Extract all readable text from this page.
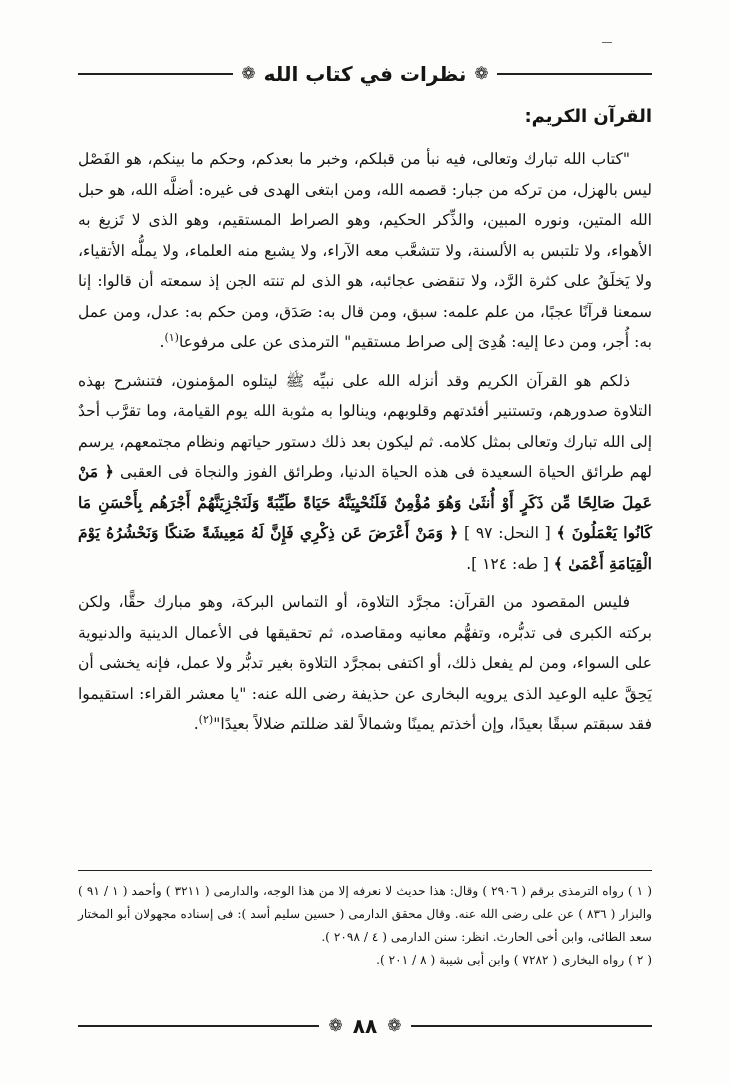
❁
نظرات في كتاب الله
❁
القرآن الكريم:

"كتاب الله تبارك وتعالى، فيه نبأ من قبلكم، وخبر ما بعدكم، وحكم ما بينكم، هو الفَصْل ليس بالهزل، من تركه من جبار: قصمه الله، ومن ابتغى الهدى فى غيره: أضلَّه الله، هو حبل الله المتين، ونوره المبين، والذِّكر الحكيم، وهو الصراط المستقيم، وهو الذى لا تَزيغ به الأهواء، ولا تلتبس به الألسنة، ولا تتشعَّب معه الآراء، ولا يشبع منه العلماء، ولا يملُّه الأتقياء، ولا يَخلَقُ على كثرة الرَّد، ولا تنقضى عجائبه، هو الذى لم تنته الجن إذ سمعته أن قالوا: إنا سمعنا قرآنًا عجبًا، من علم علمه: سبق، ومن قال به: صَدَق، ومن حكم به: عدل، ومن عمل به: أُجر، ومن دعا إليه: هُدِىَ إلى صراط مستقيم" الترمذى عن على مرفوعا$^{(١)}$.

ذلكم هو القرآن الكريم وقد أنزله الله على نبيِّه ﷺ ليتلوه المؤمنون، فتنشرح بهذه التلاوة صدورهم، وتستنير أفئدتهم وقلوبهم، وينالوا به مثوبة الله يوم القيامة، وما تقرَّب أحدٌ إلى الله تبارك وتعالى بمثل كلامه. ثم ليكون بعد ذلك دستور حياتهم ونظام مجتمعهم، يرسم لهم طرائق الحياة السعيدة فى هذه الحياة الدنيا، وطرائق الفوز والنجاة فى العقبى ﴿ مَنْ عَمِلَ صَالِحًا مِّن ذَكَرٍ أَوْ أُنثَىٰ وَهُوَ مُؤْمِنٌ فَلَنُحْيِيَنَّهُ حَيَاةً طَيِّبَةً وَلَنَجْزِيَنَّهُمْ أَجْرَهُم بِأَحْسَنِ مَا كَانُوا يَعْمَلُونَ ﴾ [ النحل: ٩٧ ] ﴿ وَمَنْ أَعْرَضَ عَن ذِكْرِي فَإِنَّ لَهُ مَعِيشَةً ضَنكًا وَنَحْشُرُهُ يَوْمَ الْقِيَامَةِ أَعْمَىٰ ﴾ [ طه: ١٢٤ ].

فليس المقصود من القرآن: مجرَّد التلاوة، أو التماس البركة، وهو مبارك حقًّا، ولكن بركته الكبرى فى تدبُّره، وتفهُّم معانيه ومقاصده، ثم تحقيقها فى الأعمال الدينية والدنيوية على السواء، ومن لم يفعل ذلك، أو اكتفى بمجرَّد التلاوة بغير تدبُّر ولا عمل، فإنه يخشى أن يَحِقَّ عليه الوعيد الذى يرويه البخارى عن حذيفة رضى الله عنه: "يا معشر القراء: استقيموا فقد سبقتم سبقًا بعيدًا، وإن أخذتم يمينًا وشمالاً لقد ضللتم ضلالاً بعيدًا"$^{(٢)}$.

( ١ ) رواه الترمذى برقم ( ٢٩٠٦ ) وقال: هذا حديث لا نعرفه إلا من هذا الوجه، والدارمى ( ٣٢١١ ) وأحمد ( ١ / ٩١ ) والبزار ( ٨٣٦ ) عن على رضى الله عنه. وقال محقق الدارمى ( حسين سليم أسد ): فى إسناده مجهولان أبو المختار سعد الطائى، وابن أخى الحارث. انظر: سنن الدارمى ( ٤ / ٢٠٩٨ ).

( ٢ ) رواه البخارى ( ٧٢٨٢ ) وابن أبى شيبة ( ٨ / ٢٠١ ).

❁
٨٨
❁
